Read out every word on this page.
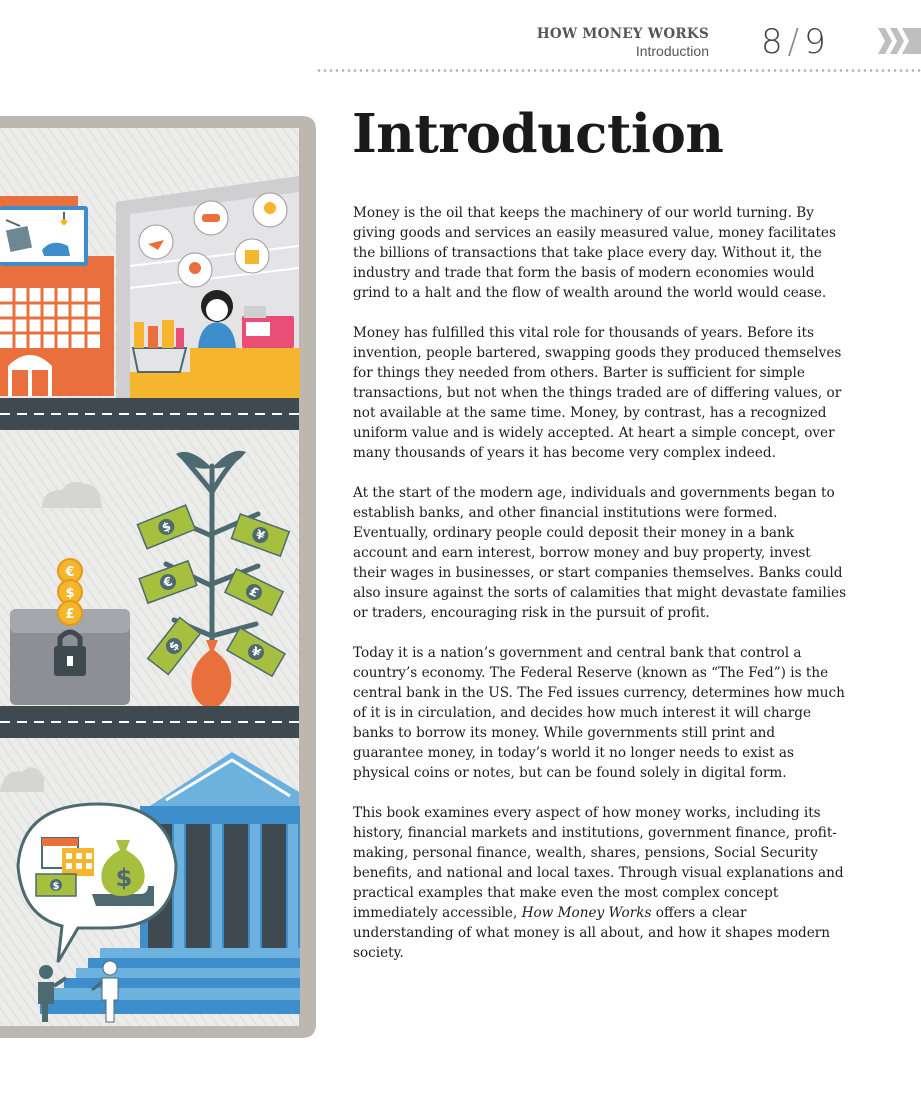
HOW MONEY WORKS
Introduction 8 / 9
Introduction

Money is the oil that keeps the machinery of our world turning. By giving goods and services an easily measured value, money facilitates the billions of transactions that take place every day. Without it, the industry and trade that form the basis of modern economies would grind to a halt and the flow of wealth around the world would cease.

Money has fulfilled this vital role for thousands of years. Before its invention, people bartered, swapping goods they produced themselves for things they needed from others. Barter is sufficient for simple transactions, but not when the things traded are of differing values, or not available at the same time. Money, by contrast, has a recognized uniform value and is widely accepted. At heart a simple concept, over many thousands of years it has become very complex indeed.

At the start of the modern age, individuals and governments began to establish banks, and other financial institutions were formed. Eventually, ordinary people could deposit their money in a bank account and earn interest, borrow money and buy property, invest their wages in businesses, or start companies themselves. Banks could also insure against the sorts of calamities that might devastate families or traders, encouraging risk in the pursuit of profit.

Today it is a nation’s government and central bank that control a country’s economy. The Federal Reserve (known as “The Fed”) is the central bank in the US. The Fed issues currency, determines how much of it is in circulation, and decides how much interest it will charge banks to borrow its money. While governments still print and guarantee money, in today’s world it no longer needs to exist as physical coins or notes, but can be found solely in digital form.

This book examines every aspect of how money works, including its history, financial markets and institutions, government finance, profit-making, personal finance, wealth, shares, pensions, Social Security benefits, and national and local taxes. Through visual explanations and practical examples that make even the most complex concept immediately accessible, How Money Works offers a clear understanding of what money is all about, and how it shapes modern society.

€
$
£
$
¥
€
£
$	¥
$ $
